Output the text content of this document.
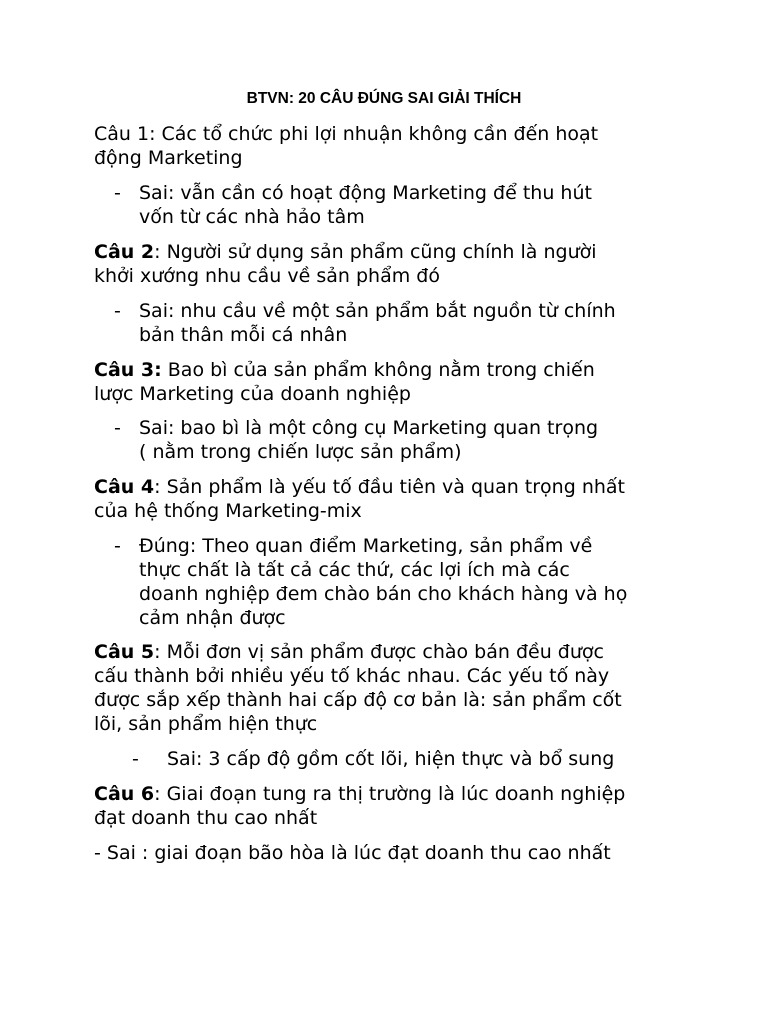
BTVN: 20 CÂU ĐÚNG SAI GIẢI THÍCH
Câu 1: Các tổ chức phi lợi nhuận không cần đến hoạt
động Marketing
- Sai: vẫn cần có hoạt động Marketing để thu hút
vốn từ các nhà hảo tâm
Câu 2: Người sử dụng sản phẩm cũng chính là người
khởi xướng nhu cầu về sản phẩm đó
- Sai: nhu cầu về một sản phẩm bắt nguồn từ chính
bản thân mỗi cá nhân
Câu 3: Bao bì của sản phẩm không nằm trong chiến
lược Marketing của doanh nghiệp
- Sai: bao bì là một công cụ Marketing quan trọng
( nằm trong chiến lược sản phẩm)
Câu 4: Sản phẩm là yếu tố đầu tiên và quan trọng nhất
của hệ thống Marketing-mix
- Đúng: Theo quan điểm Marketing, sản phẩm về
thực chất là tất cả các thứ, các lợi ích mà các
doanh nghiệp đem chào bán cho khách hàng và họ
cảm nhận được
Câu 5: Mỗi đơn vị sản phẩm được chào bán đều được
cấu thành bởi nhiều yếu tố khác nhau. Các yếu tố này
được sắp xếp thành hai cấp độ cơ bản là: sản phẩm cốt
lõi, sản phẩm hiện thực
- Sai: 3 cấp độ gồm cốt lõi, hiện thực và bổ sung
Câu 6: Giai đoạn tung ra thị trường là lúc doanh nghiệp
đạt doanh thu cao nhất
- Sai : giai đoạn bão hòa là lúc đạt doanh thu cao nhất
